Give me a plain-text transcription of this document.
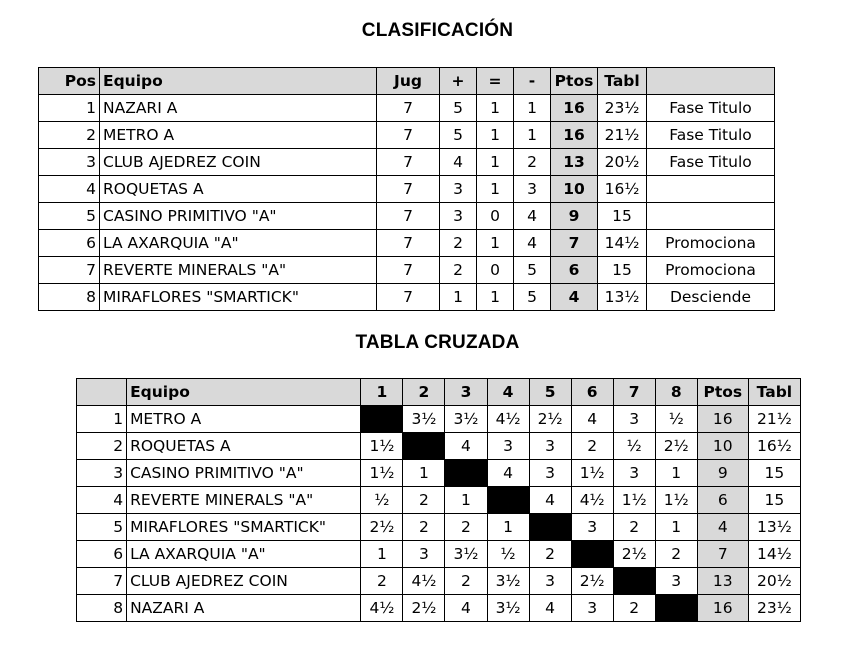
CLASIFICACIÓN
Pos	Equipo	Jug	+	=	-	Ptos	Tabl	
1	NAZARI A	7	5	1	1	16	23½	Fase Titulo
2	METRO A	7	5	1	1	16	21½	Fase Titulo
3	CLUB AJEDREZ COIN	7	4	1	2	13	20½	Fase Titulo
4	ROQUETAS A	7	3	1	3	10	16½	
5	CASINO PRIMITIVO "A"	7	3	0	4	9	15	
6	LA AXARQUIA "A"	7	2	1	4	7	14½	Promociona
7	REVERTE MINERALS "A"	7	2	0	5	6	15	Promociona
8	MIRAFLORES "SMARTICK"	7	1	1	5	4	13½	Desciende
TABLA CRUZADA
	Equipo	1	2	3	4	5	6	7	8	Ptos	Tabl
1	METRO A		3½	3½	4½	2½	4	3	½	16	21½
2	ROQUETAS A	1½		4	3	3	2	½	2½	10	16½
3	CASINO PRIMITIVO "A"	1½	1		4	3	1½	3	1	9	15
4	REVERTE MINERALS "A"	½	2	1		4	4½	1½	1½	6	15
5	MIRAFLORES "SMARTICK"	2½	2	2	1		3	2	1	4	13½
6	LA AXARQUIA "A"	1	3	3½	½	2		2½	2	7	14½
7	CLUB AJEDREZ COIN	2	4½	2	3½	3	2½		3	13	20½
8	NAZARI A	4½	2½	4	3½	4	3	2		16	23½
